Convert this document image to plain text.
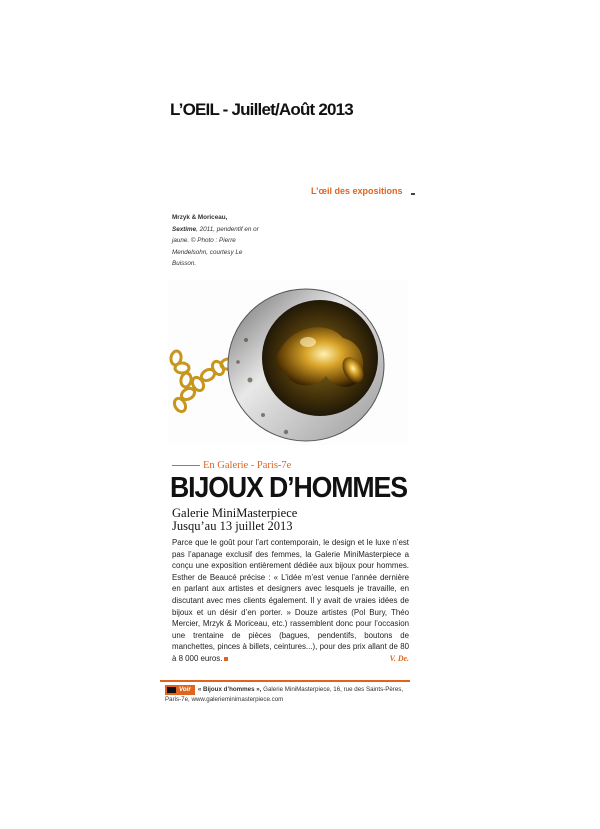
L’OEIL - Juillet/Août 2013
L’œil des expositions
Mrzyk & Moriceau,
Sextime, 2011, pendentif en or jaune. © Photo : Pierre Mendelsohn, courtesy Le Buisson.
En Galerie - Paris-7e
BIJOUX D’HOMMES
Galerie MiniMasterpiece
Jusqu’au 13 juillet 2013
Parce que le goût pour l’art contemporain, le design et le luxe n’est pas l’apanage exclusif des femmes, la Galerie MiniMasterpiece a conçu une exposition entièrement dédiée aux bijoux pour hommes. Esther de Beaucé précise : « L’idée m’est venue l’année dernière en parlant aux artistes et designers avec lesquels je travaille, en discutant avec mes clients également. Il y avait de vraies idées de bijoux et un désir d’en porter. » Douze artistes (Pol Bury, Théo Mercier, Mrzyk & Moriceau, etc.) rassemblent donc pour l’occasion une trentaine de pièces (bagues, pendentifs, boutons de manchettes, pinces à billets, ceintures...), pour des prix allant de 80 à 8 000 euros.	V. De.
Voir « Bijoux d’hommes », Galerie MiniMasterpiece, 16, rue des Saints-Pères, Paris-7e, www.galerieminimasterpiece.com
